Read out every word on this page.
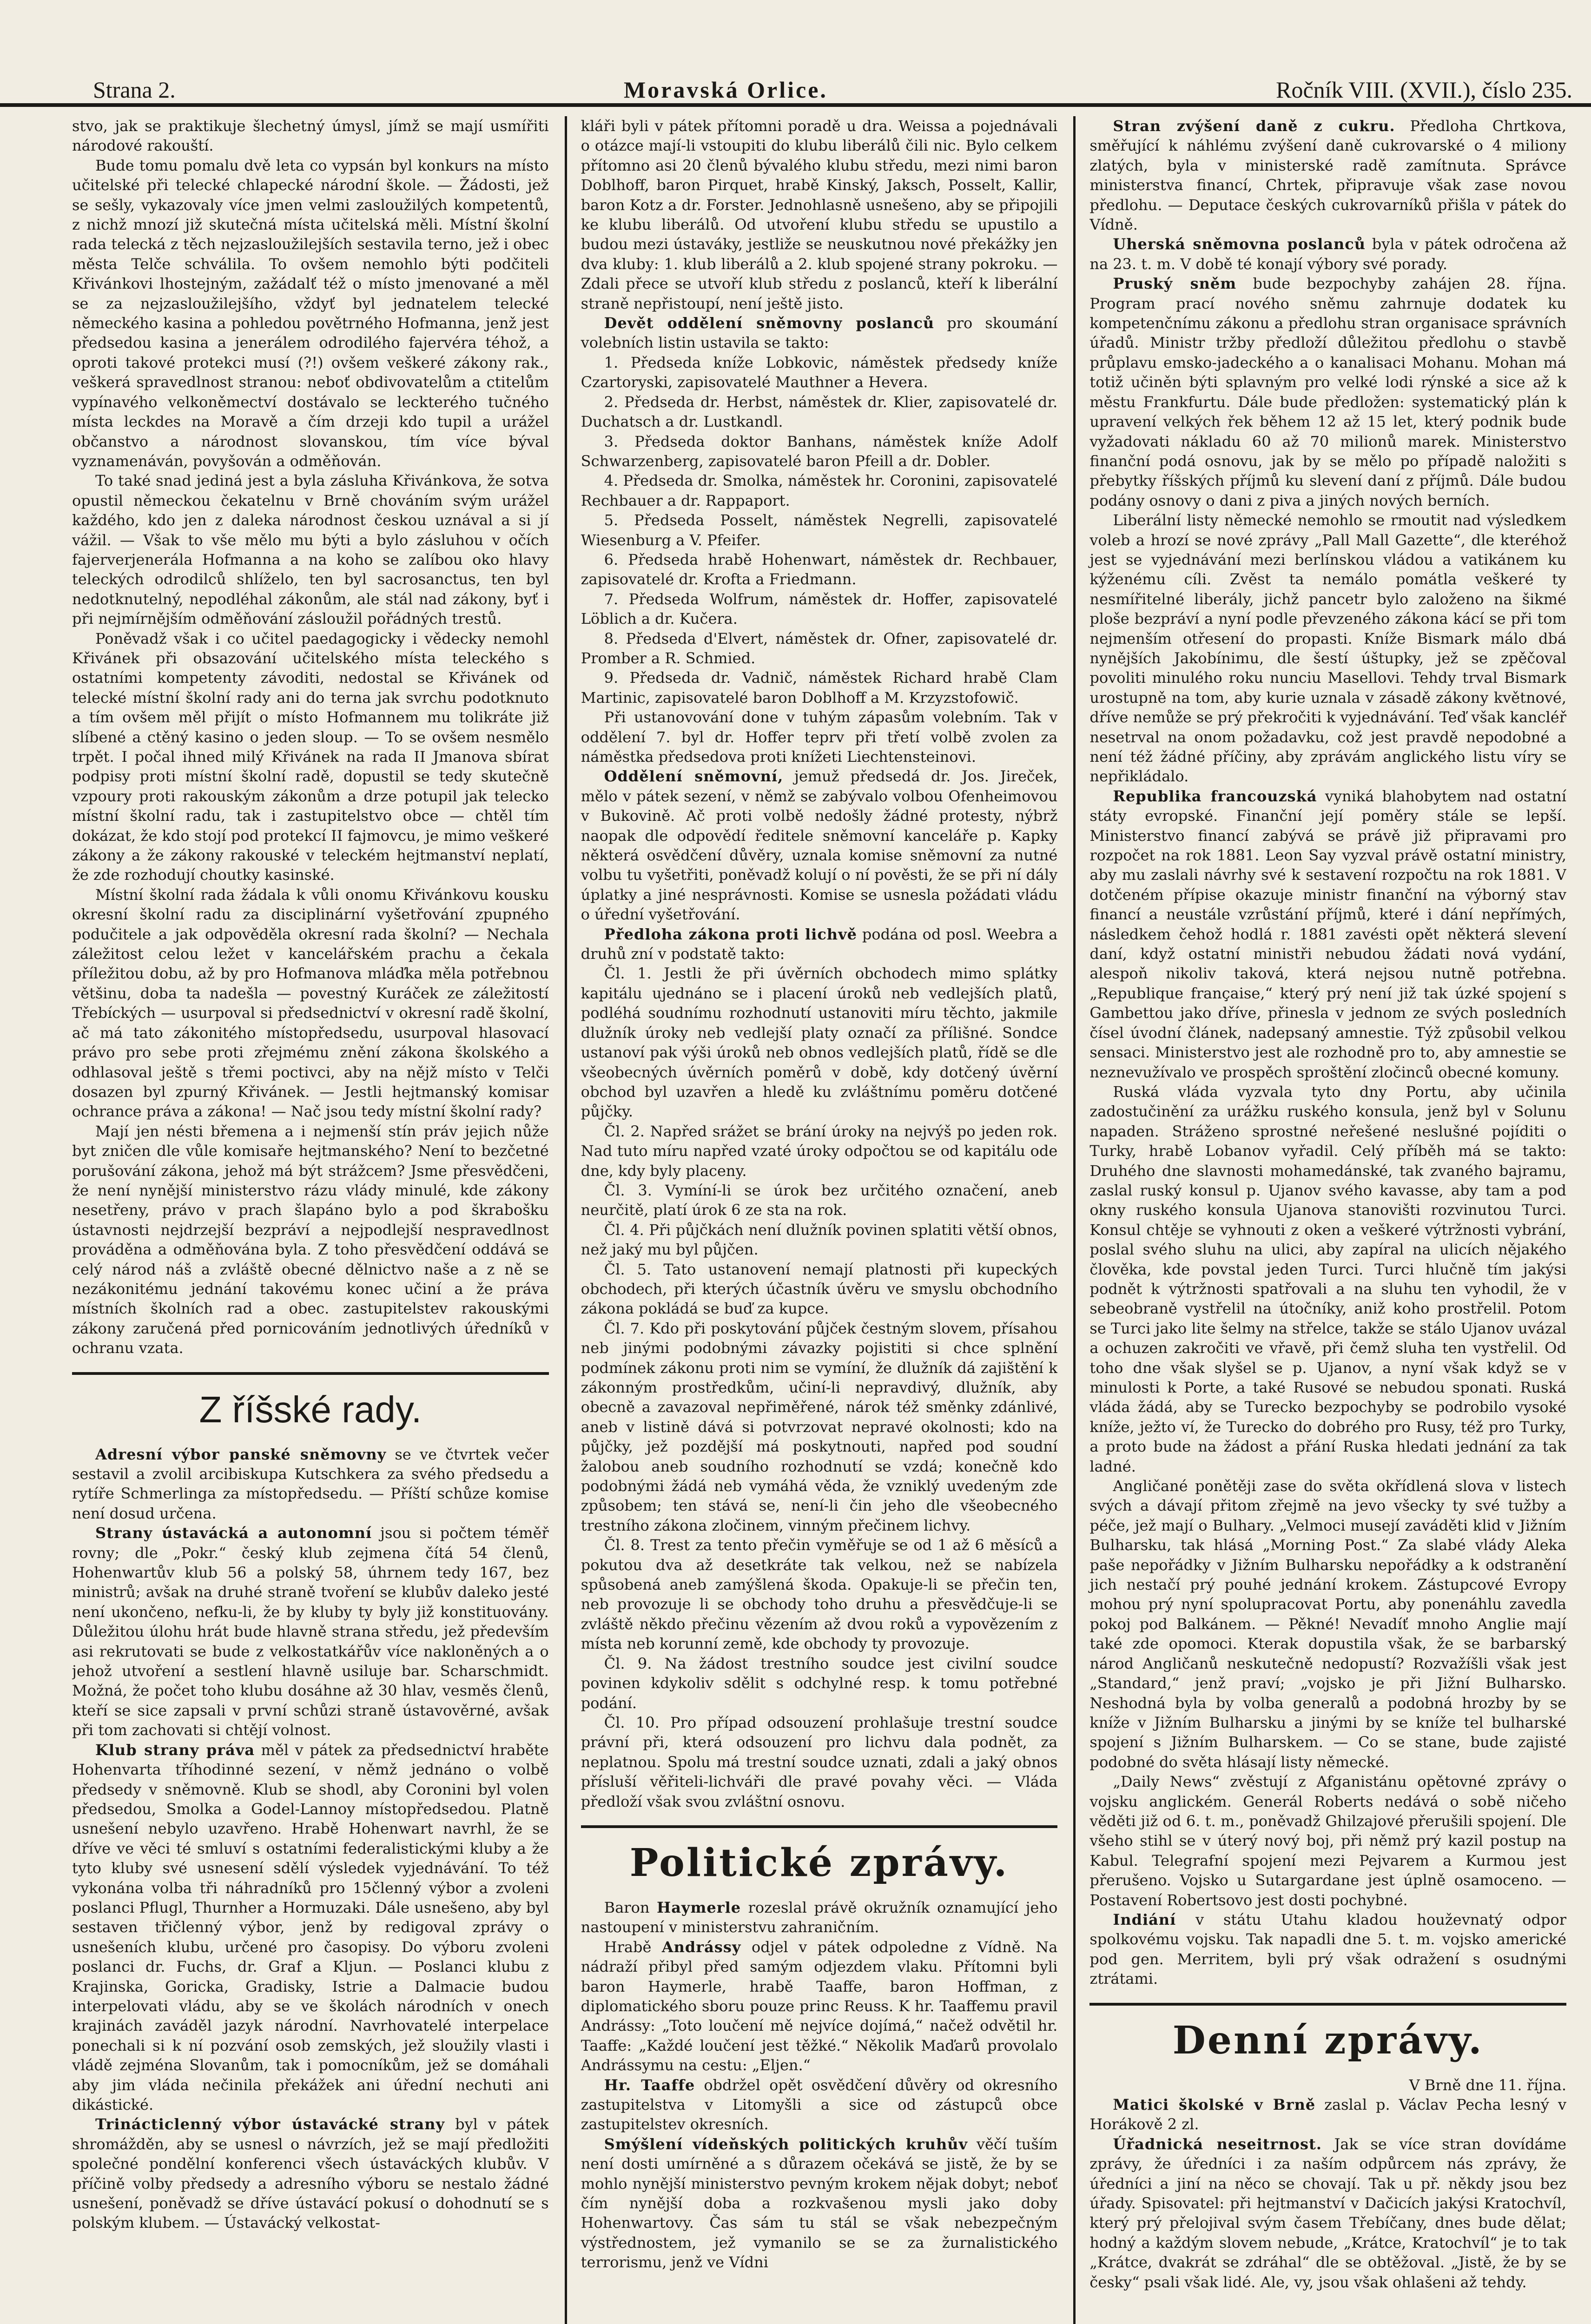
Strana 2.	Moravská Orlice.	Ročník VIII. (XVII.), číslo 235.

stvo, jak se praktikuje šlechetný úmysl, jímž se mají usmířiti národové rakouští.

Bude tomu pomalu dvě leta co vypsán byl konkurs na místo učitelské při telecké chlapecké národní škole. — Žádosti, jež se sešly, vykazovaly více jmen velmi zasloužilých kompetentů, z nichž mnozí již skutečná místa učitelská měli. Místní školní rada telecká z těch nejzasloužilejších sestavila terno, jež i obec města Telče schválila. To ovšem nemohlo býti podčiteli Křivánkovi lhostejným, zažádalť též o místo jmenované a měl se za nejzasloužilejšího, vždyť byl jednatelem telecké německého kasina a pohledou povětrného Hofmanna, jenž jest předsedou kasina a jenerálem odrodilého fajervéra téhož, a oproti takové protekci musí (?!) ovšem veškeré zákony rak., veškerá spravedlnost stranou: neboť obdivovatelům a ctitelům vypínavého velkoněmectví dostávalo se leckterého tučného místa leckdes na Moravě a čím drzeji kdo tupil a urážel občanstvo a národnost slovanskou, tím více býval vyznamenáván, povyšován a odměňován.

To také snad jediná jest a byla zásluha Křivánkova, že sotva opustil německou čekatelnu v Brně chováním svým urážel každého, kdo jen z daleka národnost českou uznával a si jí vážil. — Však to vše mělo mu býti a bylo zásluhou v očích fajerverjenerála Hofmanna a na koho se zalíbou oko hlavy teleckých odrodilců shlíželo, ten byl sacrosanctus, ten byl nedotknutelný, nepodléhal zákonům, ale stál nad zákony, byť i při nejmírnějším odměňování zásloužil pořádných trestů.

Poněvadž však i co učitel paedagogicky i vědecky nemohl Křivánek při obsazování učitelského místa teleckého s ostatními kompetenty závoditi, nedostal se Křivánek od telecké místní školní rady ani do terna jak svrchu podotknuto a tím ovšem měl přijít o místo Hofmannem mu tolikráte již slíbené a ctěný kasino o jeden sloup. — To se ovšem nesmělo trpět. I počal ihned milý Křivánek na rada II Jmanova sbírat podpisy proti místní školní radě, dopustil se tedy skutečně vzpoury proti rakouským zákonům a drze potupil jak telecko místní školní radu, tak i zastupitelstvo obce — chtěl tím dokázat, že kdo stojí pod protekcí II fajmovcu, je mimo veškeré zákony a že zákony rakouské v teleckém hejtmanství neplatí, že zde rozhodují choutky kasinské.

Místní školní rada žádala k vůli onomu Křivánkovu kousku okresní školní radu za disciplinární vyšetřování zpupného podučitele a jak odpověděla okresní rada školní? — Nechala záležitost celou ležet v kancelářském prachu a čekala příležitou dobu, až by pro Hofmanova mláďka měla potřebnou většinu, doba ta nadešla — povestný Kuráček ze záležitostí Třebíckých — usurpoval si předsednictví v okresní radě školní, ač má tato zákonitého místopředsedu, usurpoval hlasovací právo pro sebe proti zřejmému znění zákona školského a odhlasoval ještě s třemi poctivci, aby na nějž místo v Telči dosazen byl zpurný Křivánek. — Jestli hejtmanský komisar ochrance práva a zákona! — Nač jsou tedy místní školní rady?

Mají jen nésti břemena a i nejmenší stín práv jejich nůže byt zničen dle vůle komisaře hejtmanského? Není to bezčetné porušování zákona, jehož má být strážcem? Jsme přesvědčeni, že není nynější ministerstvo rázu vlády minulé, kde zákony nesetřeny, právo v prach šlapáno bylo a pod škrabošku ústavnosti nejdrzejší bezpráví a nejpodlejší nespravedlnost prováděna a odměňována byla. Z toho přesvědčení oddává se celý národ náš a zvláště obecné dělnictvo naše a z ně se nezákonitému jednání takovému konec učiní a že práva místních školních rad a obec. zastupitelstev rakouskými zákony zaručená před pornicováním jednotlivých úředníků v ochranu vzata.

Z říšské rady.

Adresní výbor panské sněmovny se ve čtvrtek večer sestavil a zvolil arcibiskupa Kutschkera za svého předsedu a rytíře Schmerlinga za místopředsedu. — Příští schůze komise není dosud určena.

Strany ústavácká a autonomní jsou si počtem téměř rovny; dle „Pokr.“ český klub zejmena čítá 54 členů, Hohenwartův klub 56 a polský 58, úhrnem tedy 167, bez ministrů; avšak na druhé straně tvoření se klubův daleko jesté není ukončeno, nefku-li, že by kluby ty byly již konstituovány. Důležitou úlohu hrát bude hlavně strana středu, jež především asi rekrutovati se bude z velkostatkářův více nakloněných a o jehož utvoření a sestlení hlavně usiluje bar. Scharschmidt. Možná, že počet toho klubu dosáhne až 30 hlav, vesměs členů, kteří se sice zapsali v první schůzi straně ústavověrné, avšak při tom zachovati si chtějí volnost.

Klub strany práva měl v pátek za předsednictví hraběte Hohenvarta tříhodinné sezení, v němž jednáno o volbě předsedy v sněmovně. Klub se shodl, aby Coronini byl volen předsedou, Smolka a Godel-Lannoy místopředsedou. Platně usnešení nebylo uzavřeno. Hrabě Hohenwart navrhl, že se dříve ve věci té smluví s ostatními federalistickými kluby a že tyto kluby své usnesení sdělí výsledek vyjednávání. To též vykonána volba tři náhradníků pro 15členný výbor a zvoleni poslanci Pflugl, Thurnher a Hormuzaki. Dále usnešeno, aby byl sestaven třičlenný výbor, jenž by redigoval zprávy o usnešeních klubu, určené pro časopisy. Do výboru zvoleni poslanci dr. Fuchs, dr. Graf a Kljun. — Poslanci klubu z Krajinska, Goricka, Gradisky, Istrie a Dalmacie budou interpelovati vládu, aby se ve školách národních v onech krajinách zaváděl jazyk národní. Navrhovatelé interpelace ponechali si k ní pozvání osob zemských, jež sloužily vlasti i vládě zejména Slovanům, tak i pomocníkům, jež se domáhali aby jim vláda nečinila překážek ani úřední nechuti ani dikástické.

Trinácticlenný výbor ústavácké strany byl v pátek shromážděn, aby se usnesl o návrzích, jež se mají předložiti společné pondělní konferenci všech ústaváckých klubův. V příčině volby předsedy a adresního výboru se nestalo žádné usnešení, poněvadž se dříve ústavácí pokusí o dohodnutí se s polským klubem. — Ústavácký velkostat-

kláři byli v pátek přítomni poradě u dra. Weissa a pojednávali o otázce mají-li vstoupiti do klubu liberálů čili nic. Bylo celkem přítomno asi 20 členů bývalého klubu středu, mezi nimi baron Doblhoff, baron Pirquet, hrabě Kinský, Jaksch, Posselt, Kallir, baron Kotz a dr. Forster. Jednohlasně usnešeno, aby se připojili ke klubu liberálů. Od utvoření klubu středu se upustilo a budou mezi ústaváky, jestliže se neuskutnou nové překážky jen dva kluby: 1. klub liberálů a 2. klub spojené strany pokroku. — Zdali přece se utvoří klub středu z poslanců, kteří k liberální straně nepřistoupí, není ještě jisto.

Devět oddělení sněmovny poslanců pro skoumání volebních listin ustavila se takto:

1. Předseda kníže Lobkovic, náměstek předsedy kníže Czartoryski, zapisovatelé Mauthner a Hevera.

2. Předseda dr. Herbst, náměstek dr. Klier, zapisovatelé dr. Duchatsch a dr. Lustkandl.

3. Předseda doktor Banhans, náměstek kníže Adolf Schwarzenberg, zapisovatelé baron Pfeill a dr. Dobler.

4. Předseda dr. Smolka, náměstek hr. Coronini, zapisovatelé Rechbauer a dr. Rappaport.

5. Předseda Posselt, náměstek Negrelli, zapisovatelé Wiesenburg a V. Pfeifer.

6. Předseda hrabě Hohenwart, náměstek dr. Rechbauer, zapisovatelé dr. Krofta a Friedmann.

7. Předseda Wolfrum, náměstek dr. Hoffer, zapisovatelé Löblich a dr. Kučera.

8. Předseda d'Elvert, náměstek dr. Ofner, zapisovatelé dr. Promber a R. Schmied.

9. Předseda dr. Vadnič, náměstek Richard hrabě Clam Martinic, zapisovatelé baron Doblhoff a M. Krzyzstofowič.

Při ustanovování done v tuhým zápasům volebním. Tak v oddělení 7. byl dr. Hoffer teprv při třetí volbě zvolen za náměstka předsedova proti knížeti Liechtensteinovi.

Oddělení sněmovní, jemuž předsedá dr. Jos. Jireček, mělo v pátek sezení, v němž se zabývalo volbou Ofenheimovou v Bukovině. Ač proti volbě nedošly žádné protesty, nýbrž naopak dle odpovědí ředitele sněmovní kanceláře p. Kapky některá osvědčení důvěry, uznala komise sněmovní za nutné volbu tu vyšetřiti, poněvadž kolují o ní pověsti, že se při ní dály úplatky a jiné nesprávnosti. Komise se usnesla požádati vládu o úřední vyšetřování.

Předloha zákona proti lichvě podána od posl. Weebra a druhů zní v podstatě takto:

Čl. 1. Jestli že při úvěrních obchodech mimo splátky kapitálu ujednáno se i placení úroků neb vedlejších platů, podléhá soudnímu rozhodnutí ustanoviti míru těchto, jakmile dlužník úroky neb vedlejší platy označí za přílišné. Sondce ustanoví pak výši úroků neb obnos vedlejších platů, řídě se dle všeobecných úvěrních poměrů v době, kdy dotčený úvěrní obchod byl uzavřen a hledě ku zvláštnímu poměru dotčené půjčky.

Čl. 2. Napřed srážet se brání úroky na nejvýš po jeden rok. Nad tuto míru napřed vzaté úroky odpočtou se od kapitálu ode dne, kdy byly placeny.

Čl. 3. Vymíní-li se úrok bez určitého označení, aneb neurčitě, platí úrok 6 ze sta na rok.

Čl. 4. Při půjčkách není dlužník povinen splatiti větší obnos, než jaký mu byl půjčen.

Čl. 5. Tato ustanovení nemají platnosti při kupeckých obchodech, při kterých účastník úvěru ve smyslu obchodního zákona pokládá se buď za kupce.

Čl. 7. Kdo při poskytování půjček čestným slovem, přísahou neb jinými podobnými závazky pojistiti si chce splnění podmínek zákonu proti nim se vymíní, že dlužník dá zajištění k zákonným prostředkům, učiní-li nepravdivý, dlužník, aby obecně a zavazoval nepřiměřené, nárok též směnky zdánlivé, aneb v listině dává si potvrzovat nepravé okolnosti; kdo na půjčky, jež pozdější má poskytnouti, napřed pod soudní žalobou aneb soudního rozhodnutí se vzdá; konečně kdo podobnými žádá neb vymáhá věda, že vzniklý uvedeným zde způsobem; ten stává se, není-li čin jeho dle všeobecného trestního zákona zločinem, vinným přečinem lichvy.

Čl. 8. Trest za tento přečin vyměřuje se od 1 až 6 měsíců a pokutou dva až desetkráte tak velkou, než se nabízela spůsobená aneb zamýšlená škoda. Opakuje-li se přečin ten, neb provozuje li se obchody toho druhu a přesvědčuje-li se zvláště někdo přečinu vězením až dvou roků a vypovězením z místa neb korunní země, kde obchody ty provozuje.

Čl. 9. Na žádost trestního soudce jest civilní soudce povinen kdykoliv sdělit s odchylné resp. k tomu potřebné podání.

Čl. 10. Pro případ odsouzení prohlašuje trestní soudce právní při, která odsouzení pro lichvu dala podnět, za neplatnou. Spolu má trestní soudce uznati, zdali a jaký obnos přísluší věřiteli-lichváři dle pravé povahy věci. — Vláda předloží však svou zvláštní osnovu.

Politické zprávy.

Baron Haymerle rozeslal právě okružník oznamující jeho nastoupení v ministerstvu zahraničním.

Hrabě Andrássy odjel v pátek odpoledne z Vídně. Na nádraží přibyl před samým odjezdem vlaku. Přítomni byli baron Haymerle, hrabě Taaffe, baron Hoffman, z diplomatického sboru pouze princ Reuss. K hr. Taaffemu pravil Andrássy: „Toto loučení mě nejvíce dojímá,“ načež odvětil hr. Taaffe: „Každé loučení jest těžké.“ Několik Maďarů provolalo Andrássymu na cestu: „Eljen.“

Hr. Taaffe obdržel opět osvědčení důvěry od okresního zastupitelstva v Litomyšli a sice od zástupců obce zastupitelstev okresních.

Smýšlení vídeňských politických kruhův věčí tuším není dosti umírněné a s důrazem očekává se jistě, že by se mohlo nynější ministerstvo pevným krokem nějak dobyt; neboť čím nynější doba a rozkvašenou mysli jako doby Hohenwartovy. Čas sám tu stál se však nebezpečným výstřednostem, jež vymanilo se se za žurnalistického terrorismu, jenž ve Vídni

Stran zvýšení daně z cukru. Předloha Chrtkova, směřující k náhlému zvýšení daně cukrovarské o 4 miliony zlatých, byla v ministerské radě zamítnuta. Správce ministerstva financí, Chrtek, připravuje však zase novou předlohu. — Deputace českých cukrovarníků přišla v pátek do Vídně.

Uherská sněmovna poslanců byla v pátek odročena až na 23. t. m. V době té konají výbory své porady.

Pruský sněm bude bezpochyby zahájen 28. října. Program prací nového sněmu zahrnuje dodatek ku kompetenčnímu zákonu a předlohu stran organisace správních úřadů. Ministr tržby předloží důležitou předlohu o stavbě průplavu emsko-jadeckého a o kanalisaci Mohanu. Mohan má totiž učiněn býti splavným pro velké lodi rýnské a sice až k městu Frankfurtu. Dále bude předložen: systematický plán k upravení velkých řek během 12 až 15 let, který podnik bude vyžadovati nákladu 60 až 70 milionů marek. Ministerstvo finanční podá osnovu, jak by se mělo po případě naložiti s přebytky říšských příjmů ku slevení daní z příjmů. Dále budou podány osnovy o dani z piva a jiných nových berních.

Liberální listy německé nemohlo se rmoutit nad výsledkem voleb a hrozí se nové zprávy „Pall Mall Gazette“, dle kteréhož jest se vyjednávání mezi berlínskou vládou a vatikánem ku kýženému cíli. Zvěst ta nemálo pomátla veškeré ty nesmířitelné liberály, jichž pancetr bylo založeno na šikmé ploše bezpráví a nyní podle převzeného zákona kácí se při tom nejmenším otřesení do propasti. Kníže Bismark málo dbá nynějších Jakobínimu, dle šestí úštupky, jež se zpěčoval povoliti minulého roku nunciu Masellovi. Tehdy trval Bismark urostupně na tom, aby kurie uznala v zásadě zákony květnové, dříve nemůže se prý překročiti k vyjednávání. Teď však kancléř nesetrval na onom požadavku, což jest pravdě nepodobné a není též žádné příčiny, aby zprávám anglického listu víry se nepřikládalo.

Republika francouzská vyniká blahobytem nad ostatní státy evropské. Finanční její poměry stále se lepší. Ministerstvo financí zabývá se právě již připravami pro rozpočet na rok 1881. Leon Say vyzval právě ostatní ministry, aby mu zaslali návrhy své k sestavení rozpočtu na rok 1881. V dotčeném přípise okazuje ministr finanční na výborný stav financí a neustále vzrůstání příjmů, které i dání nepřímých, následkem čehož hodlá r. 1881 zavésti opět některá slevení daní, když ostatní ministři nebudou žádati nová vydání, alespoň nikoliv taková, která nejsou nutně potřebna. „Republique française,“ který prý není již tak úzké spojení s Gambettou jako dříve, přinesla v jednom ze svých posledních čísel úvodní článek, nadepsaný amnestie. Týž způsobil velkou sensaci. Ministerstvo jest ale rozhodně pro to, aby amnestie se neznevužívalo ve prospěch sproštění zločinců obecné komuny.

Ruská vláda vyzvala tyto dny Portu, aby učinila zadostučinění za urážku ruského konsula, jenž byl v Solunu napaden. Stráženo sprostné neřešené neslušné pojíditi o Turky, hrabě Lobanov vyřadil. Celý příběh má se takto: Druhého dne slavnosti mohamedánské, tak zvaného bajramu, zaslal ruský konsul p. Ujanov svého kavasse, aby tam a pod okny ruského konsula Ujanova stanovišti rozvinutou Turci. Konsul chtěje se vyhnouti z oken a veškeré výtržnosti vybrání, poslal svého sluhu na ulici, aby zapíral na ulicích nějakého člověka, kde povstal jeden Turci. Turci hlučně tím jakýsi podnět k výtržnosti spatřovali a na sluhu ten vyhodil, že v sebeobraně vystřelil na útočníky, aniž koho prostřelil. Potom se Turci jako lite šelmy na střelce, takže se stálo Ujanov uvázal a ochuzen zakročiti ve vřavě, při čemž sluha ten vystřelil. Od toho dne však slyšel se p. Ujanov, a nyní však když se v minulosti k Porte, a také Rusové se nebudou sponati. Ruská vláda žádá, aby se Turecko bezpochyby se podrobilo vysoké kníže, ježto ví, že Turecko do dobrého pro Rusy, též pro Turky, a proto bude na žádost a přání Ruska hledati jednání za tak ladné.

Angličané ponětěji zase do světa okřídlená slova v listech svých a dávají přitom zřejmě na jevo všecky ty své tužby a péče, jež mají o Bulhary. „Velmoci musejí zaváděti klid v Jižním Bulharsku, tak hlásá „Morning Post.“ Za slabé vlády Aleka paše nepořádky v Jižním Bulharsku nepořádky a k odstranění jich nestačí prý pouhé jednání krokem. Zástupcové Evropy mohou prý nyní spolupracovat Portu, aby ponenáhlu zavedla pokoj pod Balkánem. — Pěkné! Nevadíť mnoho Anglie mají také zde opomoci. Kterak dopustila však, že se barbarský národ Angličanů neskutečně nedopustí? Rozvažíšli však jest „Standard,“ jenž praví; „vojsko je při Jižní Bulharsko. Neshodná byla by volba generalů a podobná hrozby by se kníže v Jižním Bulharsku a jinými by se kníže tel bulharské spojení s Jižním Bulharskem. — Co se stane, bude zajisté podobné do světa hlásají listy německé.

„Daily News“ zvěstují z Afganistánu opětovné zprávy o vojsku anglickém. Generál Roberts nedává o sobě ničeho věděti již od 6. t. m., poněvadž Ghilzajové přerušili spojení. Dle všeho stihl se v úterý nový boj, při němž prý kazil postup na Kabul. Telegrafní spojení mezi Pejvarem a Kurmou jest přerušeno. Vojsko u Sutargardane jest úplně osamoceno. — Postavení Robertsovo jest dosti pochybné.

Indiání v státu Utahu kladou houževnatý odpor spolkovému vojsku. Tak napadli dne 5. t. m. vojsko americké pod gen. Merritem, byli prý však odražení s osudnými ztrátami.

Denní zprávy.

V Brně dne 11. října.

Matici školské v Brně zaslal p. Václav Pecha lesný v Horákově 2 zl.

Úřadnická neseitrnost. Jak se více stran dovídáme zprávy, že úředníci i za naším odpůrcem nás zprávy, že úředníci a jiní na něco se chovají. Tak u př. někdy jsou bez úřady. Spisovatel: při hejtmanství v Dačicích jakýsi Kratochvíl, který prý přelojival svým časem Třebíčany, dnes bude dělat; hodný a každým slovem nebude, „Krátce, Kratochvíl“ je to tak „Krátce, dvakrát se zdráhal“ dle se obtěžoval. „Jistě, že by se česky“ psali však lidé. Ale, vy, jsou však ohlašeni až tehdy.
